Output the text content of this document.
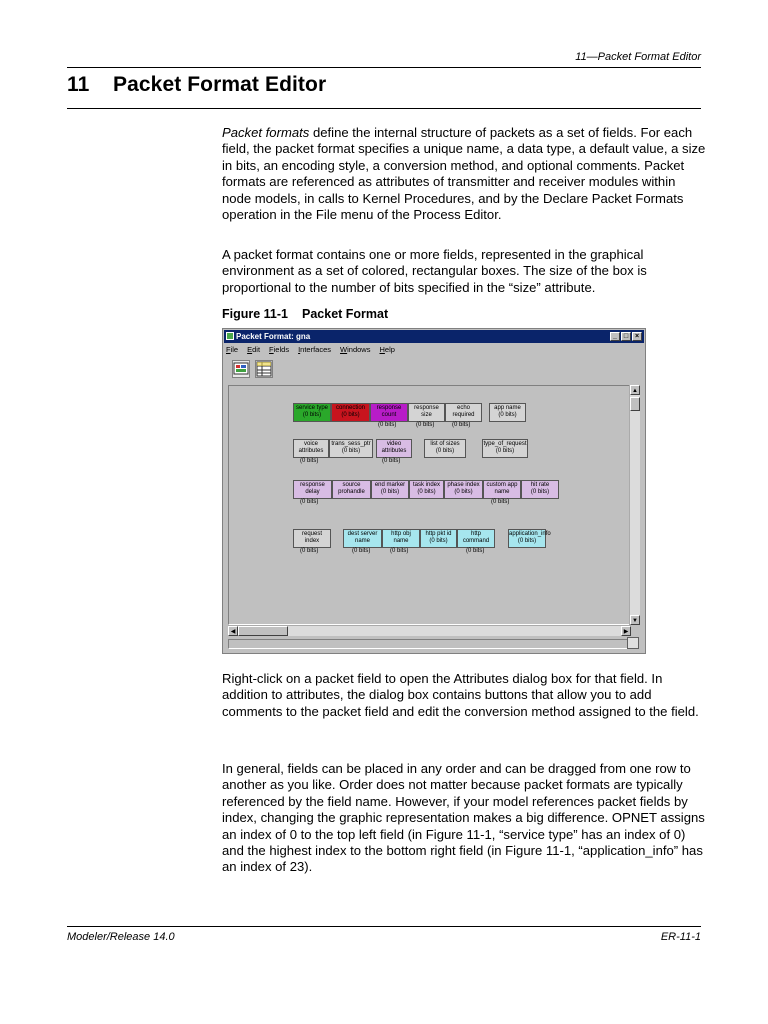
11—Packet Format Editor
11 Packet Format Editor
Packet formats define the internal structure of packets as a set of fields. For each field, the packet format specifies a unique name, a data type, a default value, a size in bits, an encoding style, a conversion method, and optional comments. Packet formats are referenced as attributes of transmitter and receiver modules within node models, in calls to Kernel Procedures, and by the Declare Packet Formats operation in the File menu of the Process Editor.
A packet format contains one or more fields, represented in the graphical environment as a set of colored, rectangular boxes. The size of the box is proportional to the number of bits specified in the “size” attribute.
Figure 11-1 Packet Format
Packet Format: gna	_ □ ×
File Edit Fields Interfaces Windows Help
service type
(0 bits)
connection
(0 bits)
response
count
(0 bits)
response
size
(0 bits)
echo
required
(0 bits)
app name
(0 bits)
voice
attributes
(0 bits)
trans_sess_ptr
(0 bits)
video
attributes
(0 bits)
list of sizes
(0 bits)
type_of_request
(0 bits)
response
delay
(0 bits)
source
prohandle
end marker
(0 bits)
task index
(0 bits)
phase index
(0 bits)
custom app
name
(0 bits)
hit rate
(0 bits)
request
index
(0 bits)
dest server
name
(0 bits)
http obj
name
(0 bits)
http pkt id
(0 bits)
http
command
(0 bits)
application_info
(0 bits)
▲
▼
◀	▶
Right-click on a packet field to open the Attributes dialog box for that field. In addition to attributes, the dialog box contains buttons that allow you to add comments to the packet field and edit the conversion method assigned to the field.
In general, fields can be placed in any order and can be dragged from one row to another as you like. Order does not matter because packet formats are typically referenced by the field name. However, if your model references packet fields by index, changing the graphic representation makes a big difference. OPNET assigns an index of 0 to the top left field (in Figure 11-1, “service type” has an index of 0) and the highest index to the bottom right field (in Figure 11-1, “application_info” has an index of 23).
Modeler/Release 14.0	ER-11-1
